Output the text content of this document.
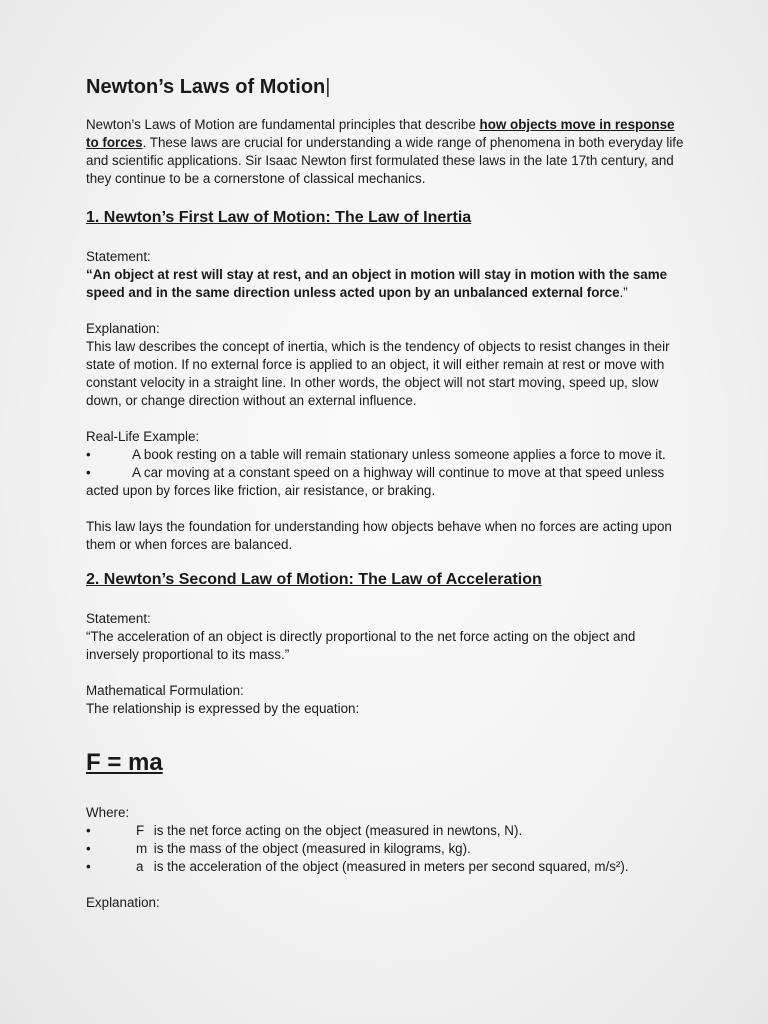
Newton’s Laws of Motion|

Newton’s Laws of Motion are fundamental principles that describe how objects move in response to forces. These laws are crucial for understanding a wide range of phenomena in both everyday life and scientific applications. Sir Isaac Newton first formulated these laws in the late 17th century, and they continue to be a cornerstone of classical mechanics.

1. Newton’s First Law of Motion: The Law of Inertia

Statement:

“An object at rest will stay at rest, and an object in motion will stay in motion with the same speed and in the same direction unless acted upon by an unbalanced external force.”

Explanation:

This law describes the concept of inertia, which is the tendency of objects to resist changes in their state of motion. If no external force is applied to an object, it will either remain at rest or move with constant velocity in a straight line. In other words, the object will not start moving, speed up, slow down, or change direction without an external influence.

Real-Life Example:

•	A book resting on a table will remain stationary unless someone applies a force to move it.

•	A car moving at a constant speed on a highway will continue to move at that speed unless acted upon by forces like friction, air resistance, or braking.

This law lays the foundation for understanding how objects behave when no forces are acting upon them or when forces are balanced.

2. Newton’s Second Law of Motion: The Law of Acceleration

Statement:

“The acceleration of an object is directly proportional to the net force acting on the object and inversely proportional to its mass.”

Mathematical Formulation:

The relationship is expressed by the equation:

F = ma

Where:

•	F is the net force acting on the object (measured in newtons, N).

•	m is the mass of the object (measured in kilograms, kg).

•	a is the acceleration of the object (measured in meters per second squared, m/s²).

Explanation:
